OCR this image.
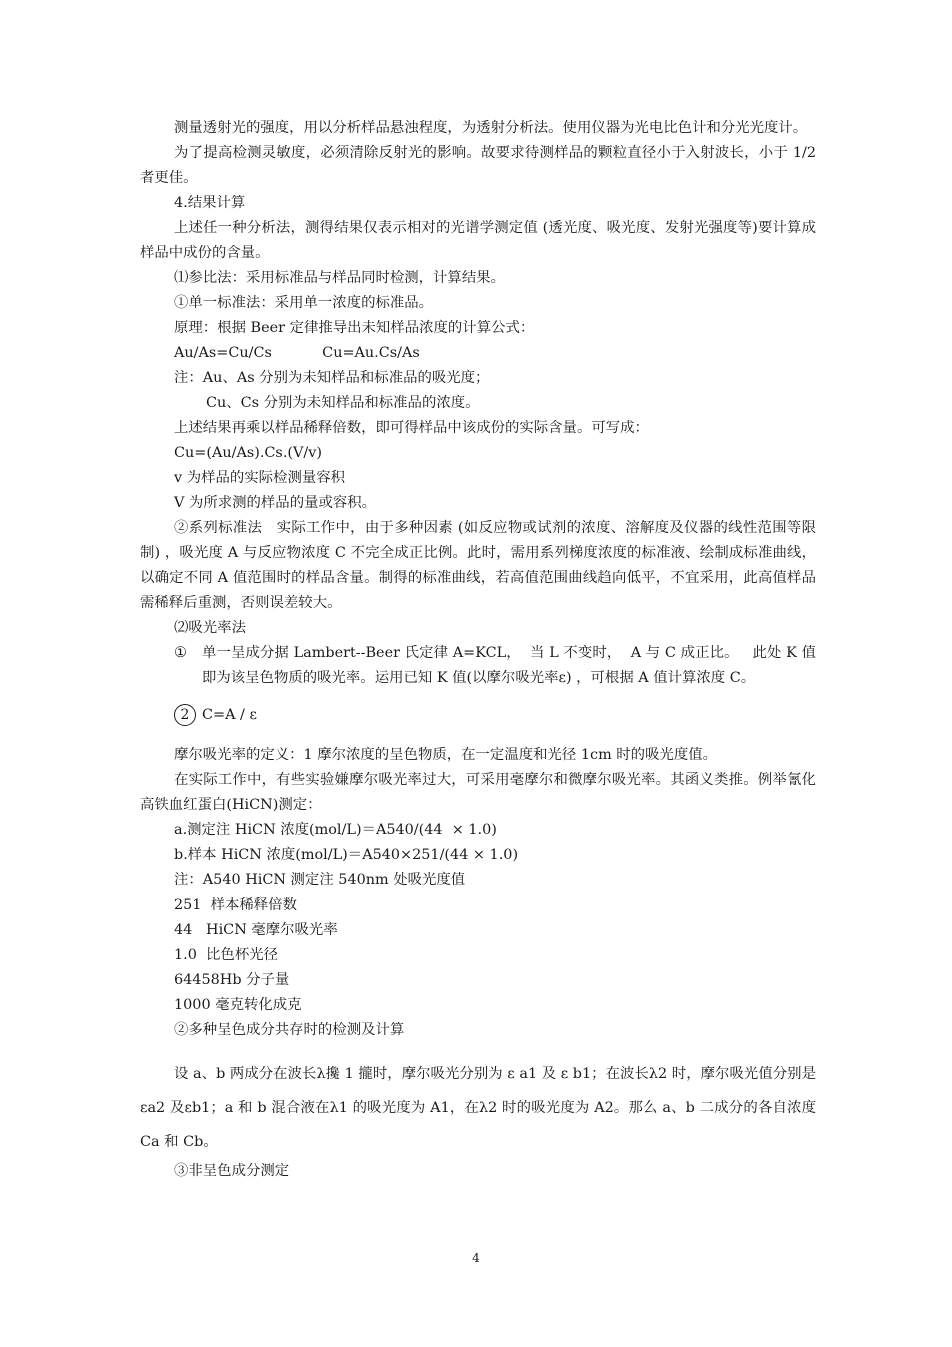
测量透射光的强度，用以分析样品悬浊程度，为透射分析法。使用仪器为光电比色计和分光光度计。

为了提高检测灵敏度，必须清除反射光的影响。故要求待测样品的颗粒直径小于入射波长，小于 1/2 者更佳。

4.结果计算

上述任一种分析法，测得结果仅表示相对的光谱学测定值 (透光度、吸光度、发射光强度等)要计算成样品中成份的含量。

⑴参比法：采用标准品与样品同时检测，计算结果。

①单一标准法：采用单一浓度的标准品。

原理：根据 Beer 定律推导出未知样品浓度的计算公式：

Au/As=Cu/Cs           Cu=Au.Cs/As

注：Au、As 分别为未知样品和标准品的吸光度；

Cu、Cs 分别为未知样品和标准品的浓度。

上述结果再乘以样品稀释倍数，即可得样品中该成份的实际含量。可写成：

Cu=(Au/As).Cs.(V/v)

v 为样品的实际检测量容积

V 为所求测的样品的量或容积。

②系列标准法   实际工作中，由于多种因素 (如反应物或试剂的浓度、溶解度及仪器的线性范围等限制) ，吸光度 A 与反应物浓度 C 不完全成正比例。此时，需用系列梯度浓度的标准液、绘制成标准曲线，以确定不同 A 值范围时的样品含量。制得的标准曲线，若高值范围曲线趋向低平，不宜采用，此高值样品需稀释后重测，否则误差较大。

⑵吸光率法

①	单一呈成分据 Lambert--Beer 氏定律 A=KCL，  当 L 不变时，  A 与 C 成正比。   此处 K 值即为该呈色物质的吸光率。运用已知 K 值(以摩尔吸光率ε) ，可根据 A 值计算浓度 C。
2 C=A / ε

摩尔吸光率的定义：1 摩尔浓度的呈色物质，在一定温度和光径 1cm 时的吸光度值。

在实际工作中，有些实验嫌摩尔吸光率过大，可采用毫摩尔和微摩尔吸光率。其函义类推。例举氰化高铁血红蛋白(HiCN)测定：

a.测定注 HiCN 浓度(mol/L)＝A540/(44  × 1.0)

b.样本 HiCN 浓度(mol/L)＝A540×251/(44 × 1.0)

注：A540 HiCN 测定注 540nm 处吸光度值

251  样本稀释倍数

44   HiCN 毫摩尔吸光率

1.0  比色杯光径

64458Hb 分子量

1000 毫克转化成克

②多种呈色成分共存时的检测及计算

设 a、b 两成分在波长λ攙 1 攏时，摩尔吸光分别为 ε a1 及 ε b1；在波长λ2 时，摩尔吸光值分别是εa2 及εb1；a 和 b 混合液在λ1 的吸光度为 A1，在λ2 时的吸光度为 A2。那么 a、b 二成分的各自浓度 Ca 和 Cb。

③非呈色成分测定

4
